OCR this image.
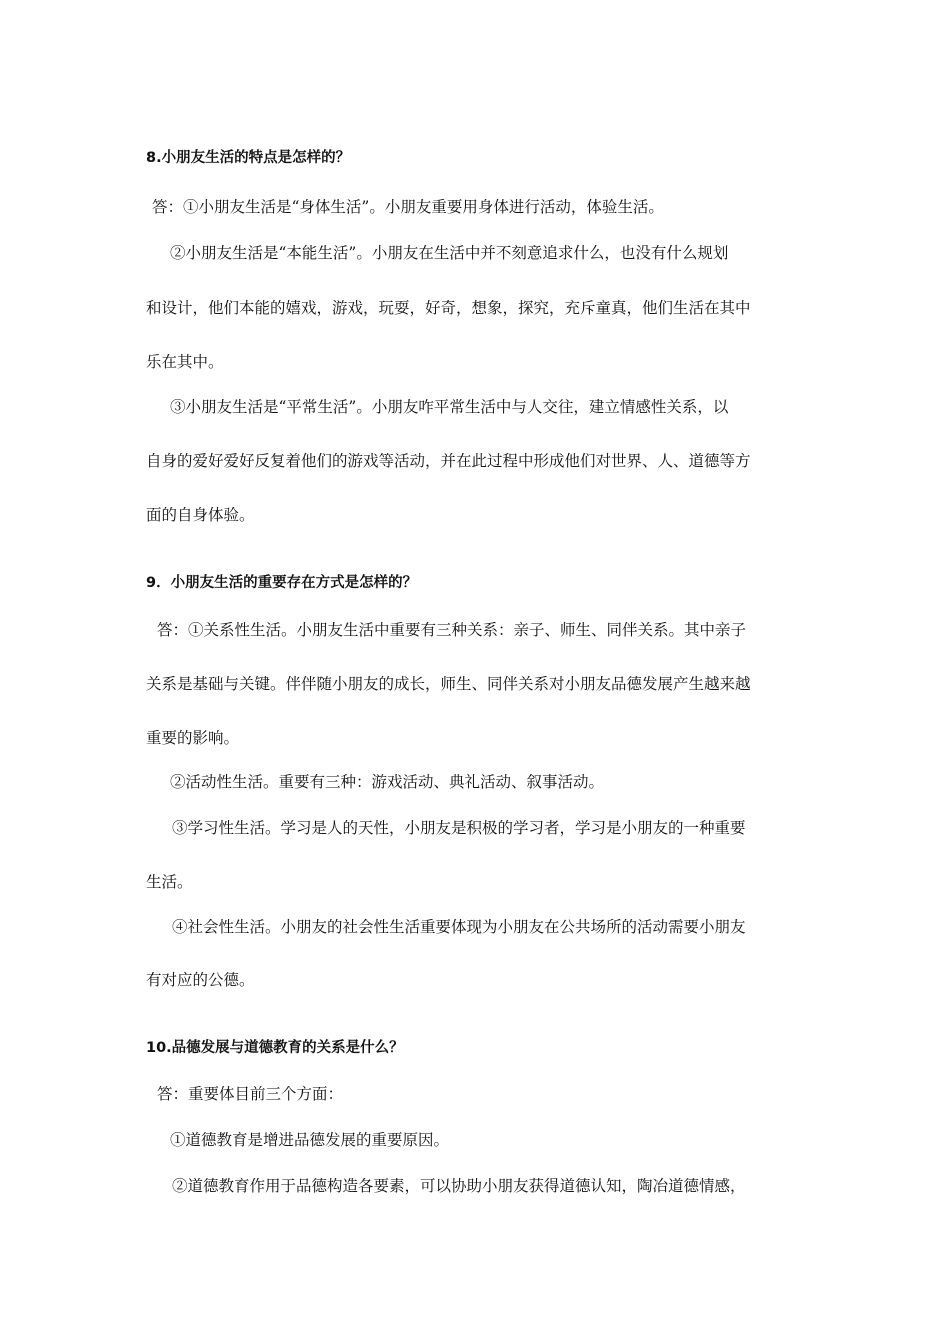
8.小朋友生活的特点是怎样的？
答：①小朋友生活是“身体生活”。小朋友重要用身体进行活动，体验生活。
②小朋友生活是“本能生活”。小朋友在生活中并不刻意追求什么，也没有什么规划
和设计，他们本能的嬉戏，游戏，玩耍，好奇，想象，探究，充斥童真，他们生活在其中
乐在其中。
③小朋友生活是“平常生活”。小朋友咋平常生活中与人交往，建立情感性关系，以
自身的爱好爱好反复着他们的游戏等活动，并在此过程中形成他们对世界、人、道德等方
面的自身体验。
9．小朋友生活的重要存在方式是怎样的？
答：①关系性生活。小朋友生活中重要有三种关系：亲子、师生、同伴关系。其中亲子
关系是基础与关键。伴伴随小朋友的成长，师生、同伴关系对小朋友品德发展产生越来越
重要的影响。
②活动性生活。重要有三种：游戏活动、典礼活动、叙事活动。
③学习性生活。学习是人的天性，小朋友是积极的学习者，学习是小朋友的一种重要
生活。
④社会性生活。小朋友的社会性生活重要体现为小朋友在公共场所的活动需要小朋友
有对应的公德。
10.品德发展与道德教育的关系是什么？
答：重要体目前三个方面：
①道德教育是增进品德发展的重要原因。
②道德教育作用于品德构造各要素，可以协助小朋友获得道德认知，陶冶道德情感，
